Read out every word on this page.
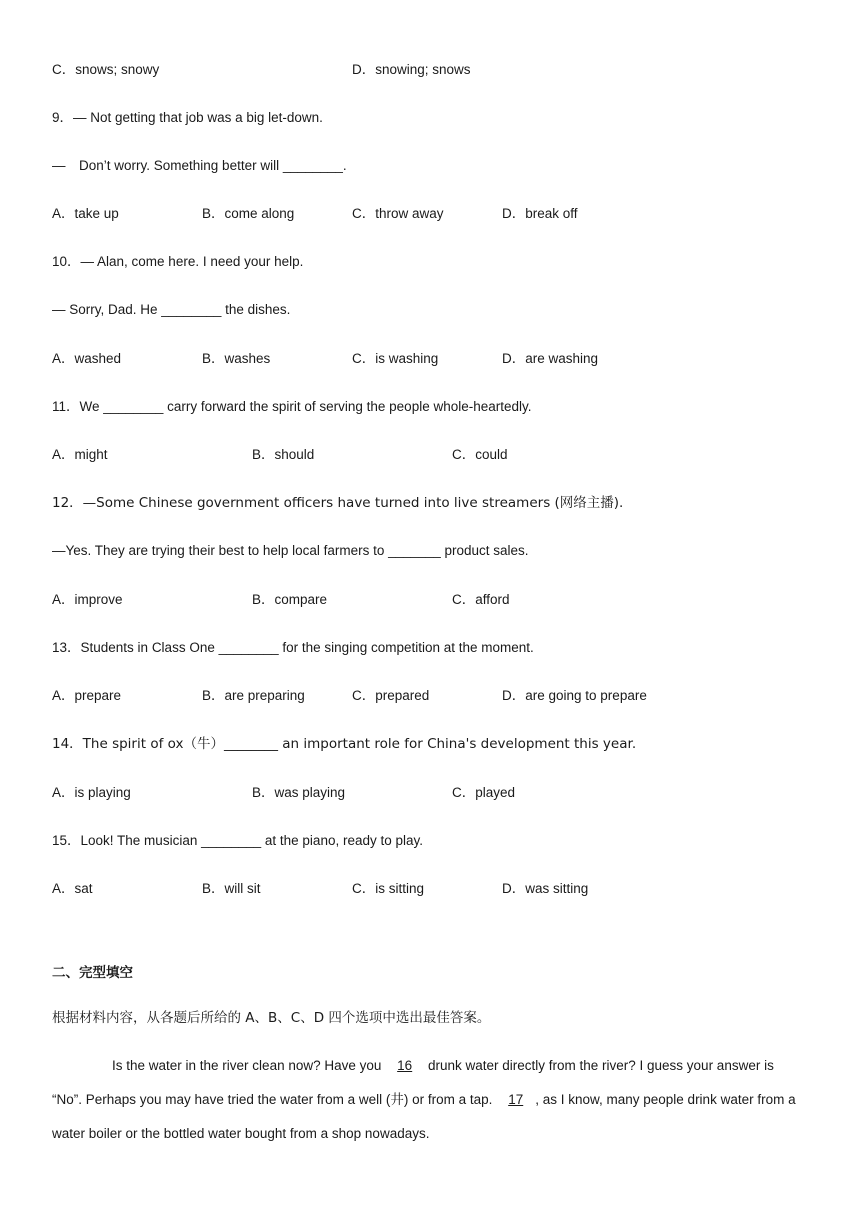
C．snows; snowy	D．snowing; snows
9．— Not getting that job was a big let-down.
—　Don’t worry. Something better will ________.
A．take up	B．come along	C．throw away	D．break off
10．— Alan, come here. I need your help.
— Sorry, Dad. He ________ the dishes.
A．washed	B．washes	C．is washing	D．are washing
11．We ________ carry forward the spirit of serving the people whole-heartedly.
A．might	B．should	C．could
12．—Some Chinese government officers have turned into live streamers (网络主播).
—Yes. They are trying their best to help local farmers to _______ product sales.
A．improve	B．compare	C．afford
13．Students in Class One ________ for the singing competition at the moment.
A．prepare	B．are preparing	C．prepared	D．are going to prepare
14．The spirit of ox（牛）________ an important role for China's development this year.
A．is playing	B．was playing	C．played
15．Look! The musician ________ at the piano, ready to play.
A．sat	B．will sit	C．is sitting	D．was sitting
二、完型填空
根据材料内容，从各题后所给的 A、B、C、D 四个选项中选出最佳答案。
Is the water in the river clean now? Have you 16 drunk water directly from the river? I guess your answer is “No”. Perhaps you may have tried the water from a well (井) or from a tap. 17 , as I know, many people drink water from a water boiler or the bottled water bought from a shop nowadays.
